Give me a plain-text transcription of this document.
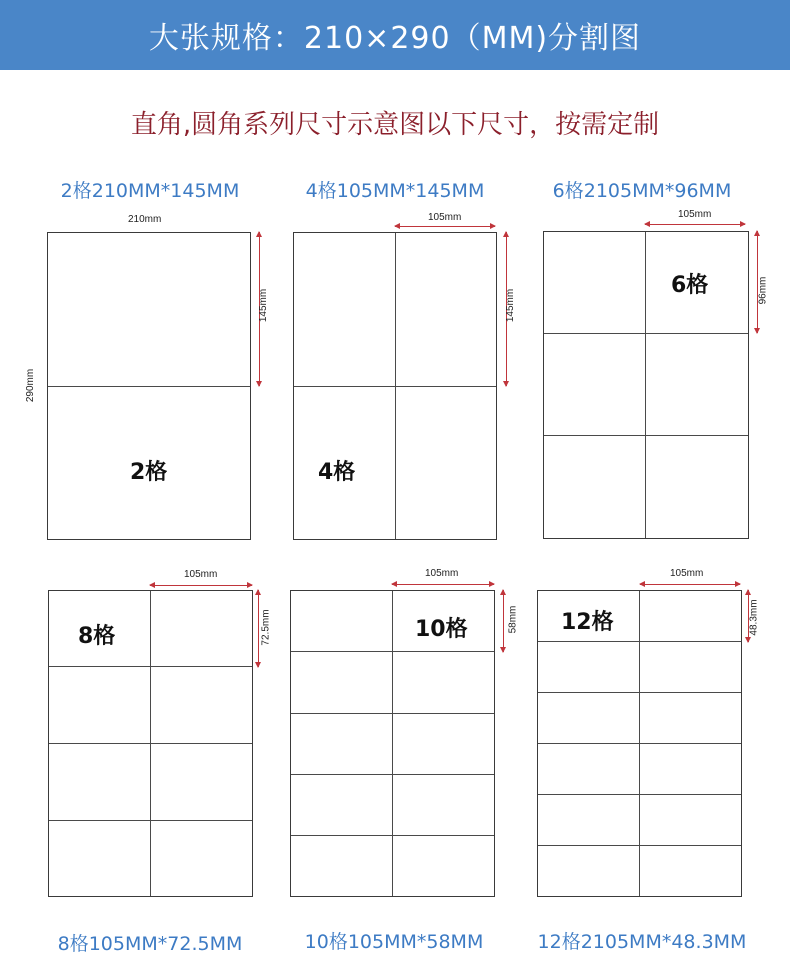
大张规格：210×290（MM)分割图
直角,圆角系列尺寸示意图以下尺寸，按需定制
2格210MM*145MM	4格105MM*145MM	6格2105MM*96MM
210mm
290mm
2格
145mm
105mm
4格
145mm
105mm
6格	96mm
105mm
8格	72.5mm
105mm
10格	58mm
105mm
12格	48.3mm
8格105MM*72.5MM	10格105MM*58MM	12格2105MM*48.3MM
